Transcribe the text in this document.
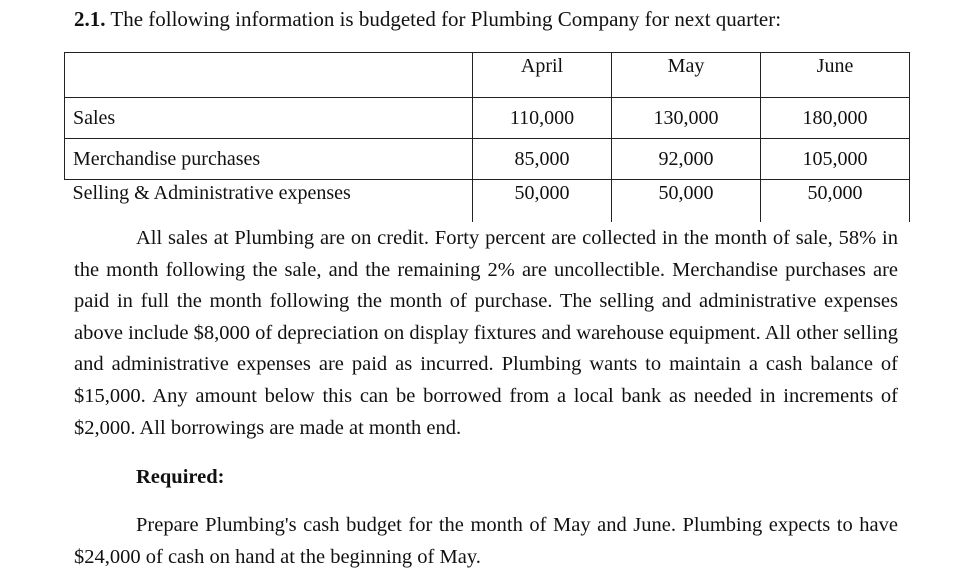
2.1. The following information is budgeted for Plumbing Company for next quarter:
	April	May	June
Sales	110,000	130,000	180,000
Merchandise purchases	85,000	92,000	105,000
Selling & Administrative expenses	50,000	50,000	50,000

All sales at Plumbing are on credit. Forty percent are collected in the month of sale, 58% in the month following the sale, and the remaining 2% are uncollectible. Merchandise purchases are paid in full the month following the month of purchase. The selling and administrative expenses above include $8,000 of depreciation on display fixtures and warehouse equipment. All other selling and administrative expenses are paid as incurred. Plumbing wants to maintain a cash balance of $15,000. Any amount below this can be borrowed from a local bank as needed in increments of $2,000. All borrowings are made at month end.

Required:

Prepare Plumbing's cash budget for the month of May and June. Plumbing expects to have $24,000 of cash on hand at the beginning of May.
